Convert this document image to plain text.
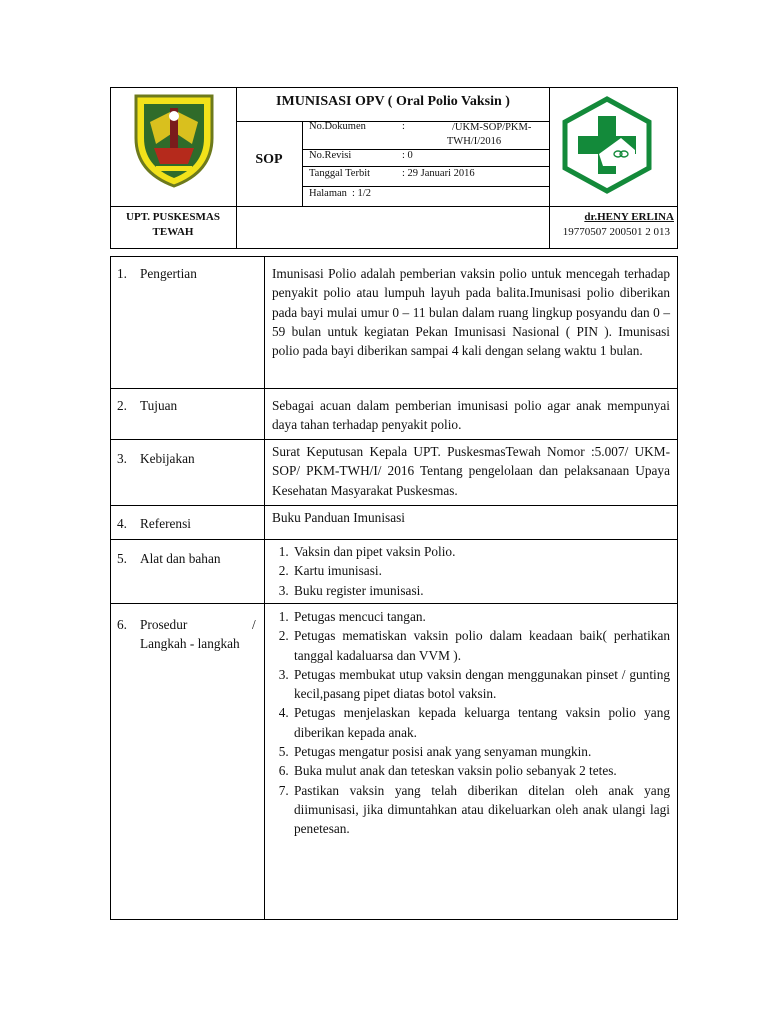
IMUNISASI OPV ( Oral Polio Vaksin )
SOP
No.Dokumen	:	/UKM-SOP/PKM-TWH/I/2016
No.Revisi	: 0
Tanggal Terbit	: 29 Januari 2016
Halaman : 1/2
UPT. PUSKESMAS TEWAH
dr.HENY ERLINA
19770507 200501 2 013
1. Pengertian	Imunisasi Polio adalah pemberian vaksin polio untuk mencegah terhadap penyakit polio atau lumpuh layuh pada balita.Imunisasi polio diberikan pada bayi mulai umur 0 – 11 bulan dalam ruang lingkup posyandu dan 0 – 59 bulan untuk kegiatan Pekan Imunisasi Nasional ( PIN ). Imunisasi polio pada bayi diberikan sampai 4 kali dengan selang waktu 1 bulan.
2. Tujuan	Sebagai acuan dalam pemberian imunisasi polio agar anak mempunyai daya tahan terhadap penyakit polio.
3. Kebijakan	Surat Keputusan Kepala UPT. PuskesmasTewah Nomor :5.007/ UKM-SOP/ PKM-TWH/I/ 2016 Tentang pengelolaan dan pelaksanaan Upaya Kesehatan Masyarakat Puskesmas.
4. Referensi	Buku Panduan Imunisasi
5. Alat dan bahan
1.	Vaksin dan pipet vaksin Polio.
2. Kartu imunisasi.
3. Buku register imunisasi.
6. Prosedur	/
Langkah - langkah
1. Petugas mencuci tangan.
2. Petugas mematiskan vaksin polio dalam keadaan baik( perhatikan tanggal kadaluarsa dan VVM ).
3. Petugas membukat utup vaksin dengan menggunakan pinset / gunting kecil,pasang pipet diatas botol vaksin.
4. Petugas menjelaskan kepada keluarga tentang vaksin polio yang diberikan kepada anak.
5. Petugas mengatur posisi anak yang senyaman mungkin.
6. Buka mulut anak dan teteskan vaksin polio sebanyak 2 tetes.
7. Pastikan vaksin yang telah diberikan ditelan oleh anak yang diimunisasi, jika dimuntahkan atau dikeluarkan oleh anak ulangi lagi penetesan.
